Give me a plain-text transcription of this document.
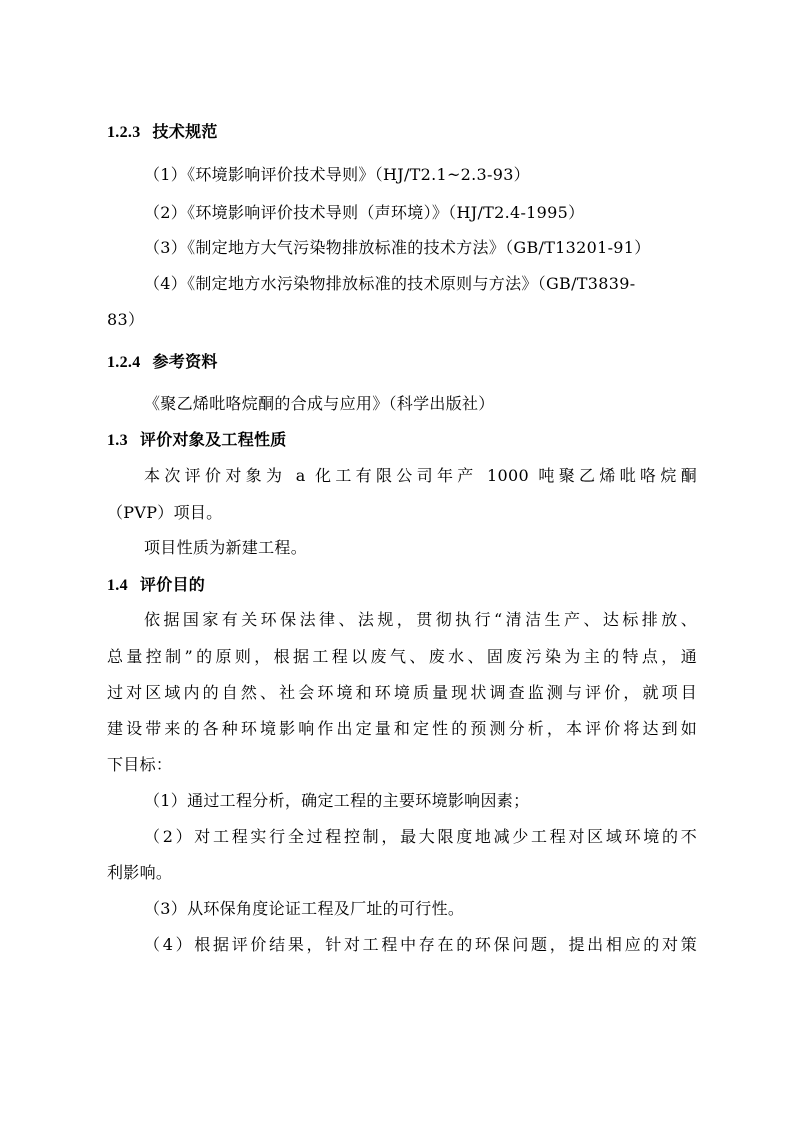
1.2.3 技术规范
（1）《环境影响评价技术导则》（HJ/T2.1~2.3-93）
（2）《环境影响评价技术导则（声环境）》（HJ/T2.4-1995）
（3）《制定地方大气污染物排放标准的技术方法》（GB/T13201-91）
（4）《制定地方水污染物排放标准的技术原则与方法》（GB/T3839-
83）
1.2.4 参考资料
《聚乙烯吡咯烷酮的合成与应用》（科学出版社）
1.3 评价对象及工程性质
本次评价对象为 a 化工有限公司年产 1000 吨聚乙烯吡咯烷酮
（PVP）项目。
项目性质为新建工程。
1.4 评价目的
依据国家有关环保法律、法规，贯彻执行“清洁生产、达标排放、
总量控制”的原则，根据工程以废气、废水、固废污染为主的特点，通
过对区域内的自然、社会环境和环境质量现状调查监测与评价，就项目
建设带来的各种环境影响作出定量和定性的预测分析，本评价将达到如
下目标：
（1）通过工程分析，确定工程的主要环境影响因素；
（2）对工程实行全过程控制，最大限度地减少工程对区域环境的不
利影响。
（3）从环保角度论证工程及厂址的可行性。
（4）根据评价结果，针对工程中存在的环保问题，提出相应的对策
